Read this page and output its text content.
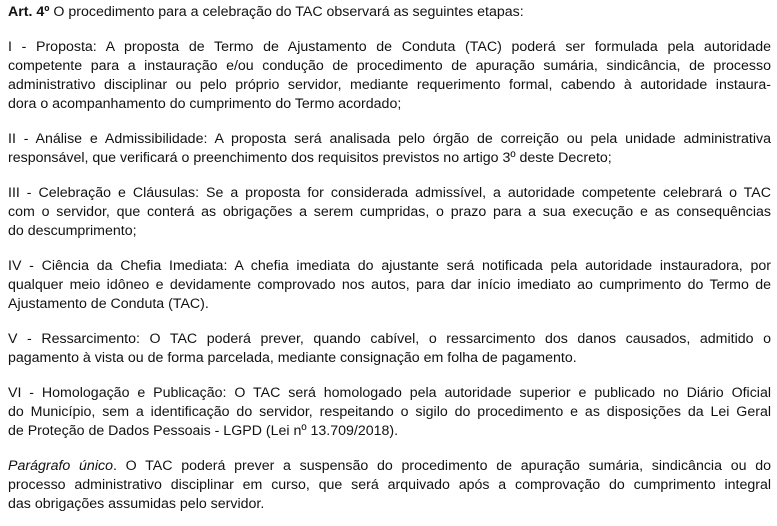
Art. 4º O procedimento para a celebração do TAC observará as seguintes etapas:

I - Proposta: A proposta de Termo de Ajustamento de Conduta (TAC) poderá ser formulada pela autoridade
competente para a instauração e/ou condução de procedimento de apuração sumária, sindicância, de processo
administrativo disciplinar ou pelo próprio servidor, mediante requerimento formal, cabendo à autoridade instaura-
dora o acompanhamento do cumprimento do Termo acordado;

II - Análise e Admissibilidade: A proposta será analisada pelo órgão de correição ou pela unidade administrativa
responsável, que verificará o preenchimento dos requisitos previstos no artigo 3º deste Decreto;

III - Celebração e Cláusulas: Se a proposta for considerada admissível, a autoridade competente celebrará o TAC
com o servidor, que conterá as obrigações a serem cumpridas, o prazo para a sua execução e as consequências
do descumprimento;

IV - Ciência da Chefia Imediata: A chefia imediata do ajustante será notificada pela autoridade instauradora, por
qualquer meio idôneo e devidamente comprovado nos autos, para dar início imediato ao cumprimento do Termo de
Ajustamento de Conduta (TAC).

V - Ressarcimento: O TAC poderá prever, quando cabível, o ressarcimento dos danos causados, admitido o
pagamento à vista ou de forma parcelada, mediante consignação em folha de pagamento.

VI - Homologação e Publicação: O TAC será homologado pela autoridade superior e publicado no Diário Oficial
do Município, sem a identificação do servidor, respeitando o sigilo do procedimento e as disposições da Lei Geral
de Proteção de Dados Pessoais - LGPD (Lei nº 13.709/2018).

Parágrafo único. O TAC poderá prever a suspensão do procedimento de apuração sumária, sindicância ou do
processo administrativo disciplinar em curso, que será arquivado após a comprovação do cumprimento integral
das obrigações assumidas pelo servidor.
